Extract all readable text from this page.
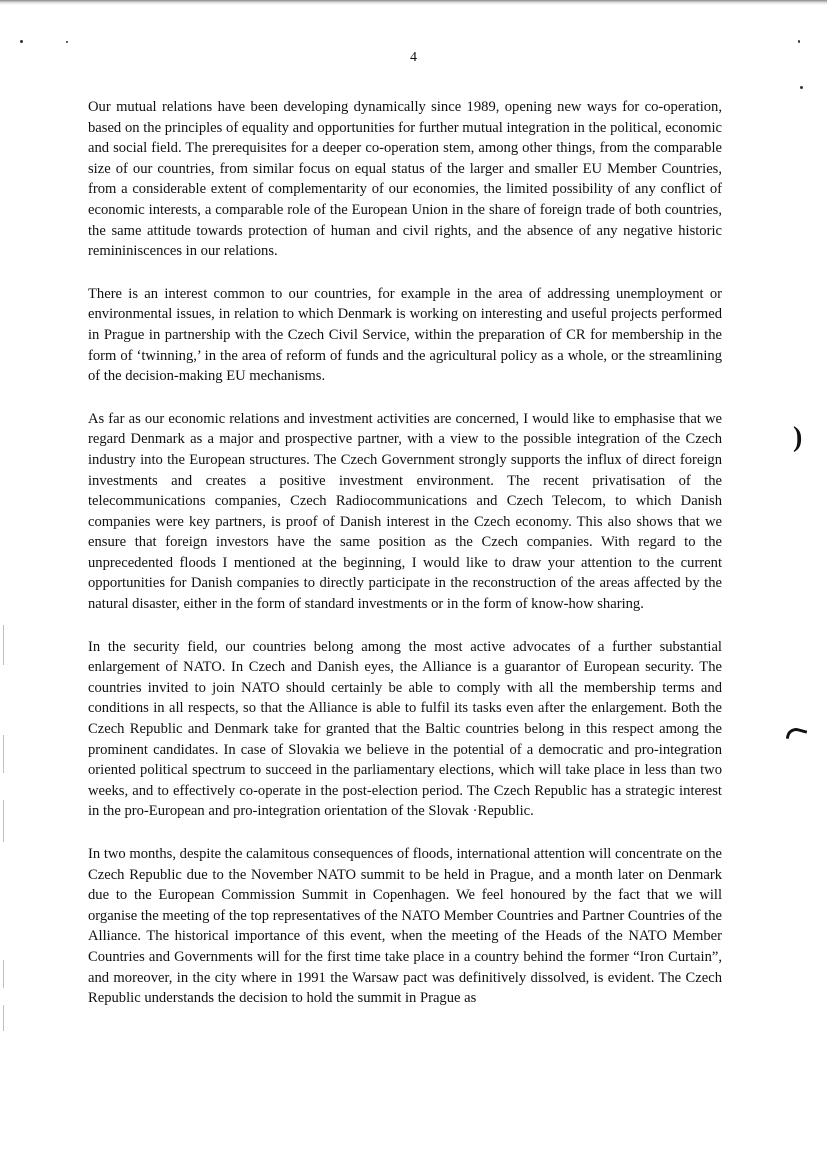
)
4

Our mutual relations have been developing dynamically since 1989, opening new ways for co-operation, based on the principles of equality and opportunities for further mutual integration in the political, economic and social field. The prerequisites for a deeper co-operation stem, among other things, from the comparable size of our countries, from similar focus on equal status of the larger and smaller EU Member Countries, from a considerable extent of complementarity of our economies, the limited possibility of any conflict of economic interests, a comparable role of the European Union in the share of foreign trade of both countries, the same attitude towards protection of human and civil rights, and the absence of any negative historic remininiscences in our relations.

There is an interest common to our countries, for example in the area of addressing unemployment or environmental issues, in relation to which Denmark is working on interesting and useful projects performed in Prague in partnership with the Czech Civil Service, within the preparation of CR for membership in the form of ‘twinning,’ in the area of reform of funds and the agricultural policy as a whole, or the streamlining of the decision-making EU mechanisms.

As far as our economic relations and investment activities are concerned, I would like to emphasise that we regard Denmark as a major and prospective partner, with a view to the possible integration of the Czech industry into the European structures. The Czech Government strongly supports the influx of direct foreign investments and creates a positive investment environment. The recent privatisation of the telecommunications companies, Czech Radiocommunications and Czech Telecom, to which Danish companies were key partners, is proof of Danish interest in the Czech economy. This also shows that we ensure that foreign investors have the same position as the Czech companies. With regard to the unprecedented floods I mentioned at the beginning, I would like to draw your attention to the current opportunities for Danish companies to directly participate in the reconstruction of the areas affected by the natural disaster, either in the form of standard investments or in the form of know-how sharing.

In the security field, our countries belong among the most active advocates of a further substantial enlargement of NATO. In Czech and Danish eyes, the Alliance is a guarantor of European security. The countries invited to join NATO should certainly be able to comply with all the membership terms and conditions in all respects, so that the Alliance is able to fulfil its tasks even after the enlargement. Both the Czech Republic and Denmark take for granted that the Baltic countries belong in this respect among the prominent candidates. In case of Slovakia we believe in the potential of a democratic and pro-integration oriented political spectrum to succeed in the parliamentary elections, which will take place in less than two weeks, and to effectively co-operate in the post-election period. The Czech Republic has a strategic interest in the pro-European and pro-integration orientation of the Slovak ·Republic.

In two months, despite the calamitous consequences of floods, international attention will concentrate on the Czech Republic due to the November NATO summit to be held in Prague, and a month later on Denmark due to the European Commission Summit in Copenhagen. We feel honoured by the fact that we will organise the meeting of the top representatives of the NATO Member Countries and Partner Countries of the Alliance. The historical importance of this event, when the meeting of the Heads of the NATO Member Countries and Governments will for the first time take place in a country behind the former “Iron Curtain”, and moreover, in the city where in 1991 the Warsaw pact was definitively dissolved, is evident. The Czech Republic understands the decision to hold the summit in Prague as
